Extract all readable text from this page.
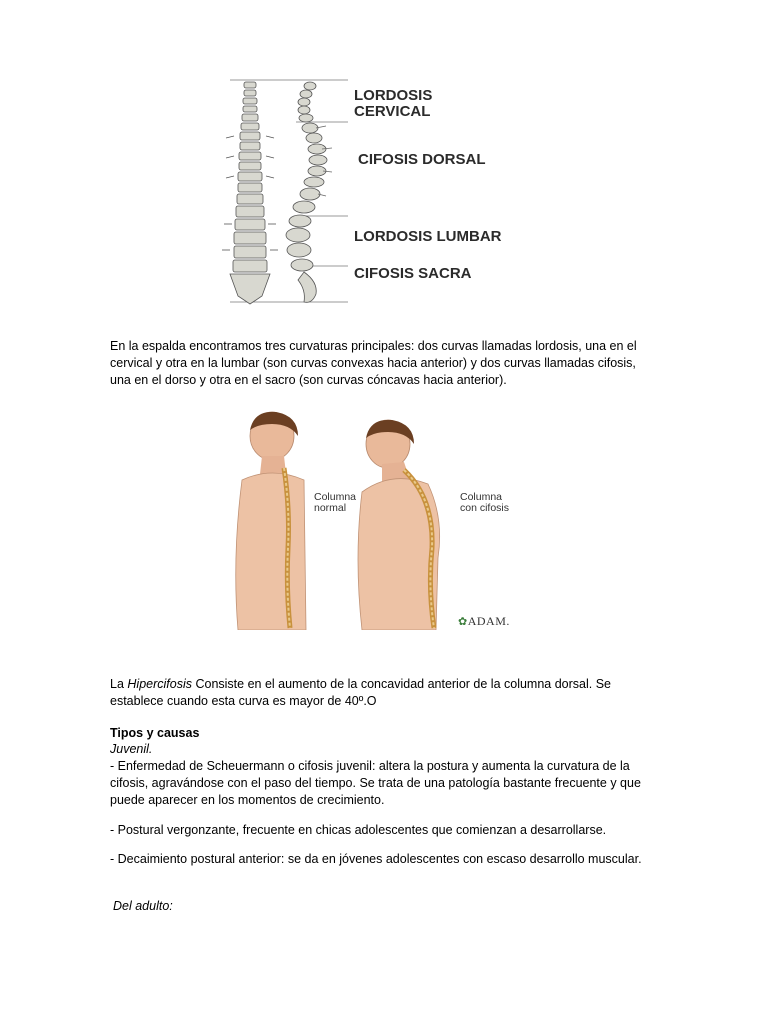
LORDOSIS
CERVICAL
CIFOSIS DORSAL
LORDOSIS LUMBAR
CIFOSIS SACRA
En la espalda encontramos tres curvaturas principales: dos curvas llamadas lordosis, una en el cervical y otra en la lumbar (son curvas convexas hacia anterior) y dos curvas llamadas cifosis, una en el dorso y otra en el sacro (son curvas cóncavas hacia anterior).
Columna
normal
Columna
con cifosis
✿ADAM.
La Hipercifosis Consiste en el aumento de la concavidad anterior de la columna dorsal. Se establece cuando esta curva es mayor de 40º.O
Tipos y causas
Juvenil.
- Enfermedad de Scheuermann o cifosis juvenil: altera la postura y aumenta la curvatura de la cifosis, agravándose con el paso del tiempo. Se trata de una patología bastante frecuente y que puede aparecer en los momentos de crecimiento.
- Postural vergonzante, frecuente en chicas adolescentes que comienzan a desarrollarse.
- Decaimiento postural anterior: se da en jóvenes adolescentes con escaso desarrollo muscular.
Del adulto:
